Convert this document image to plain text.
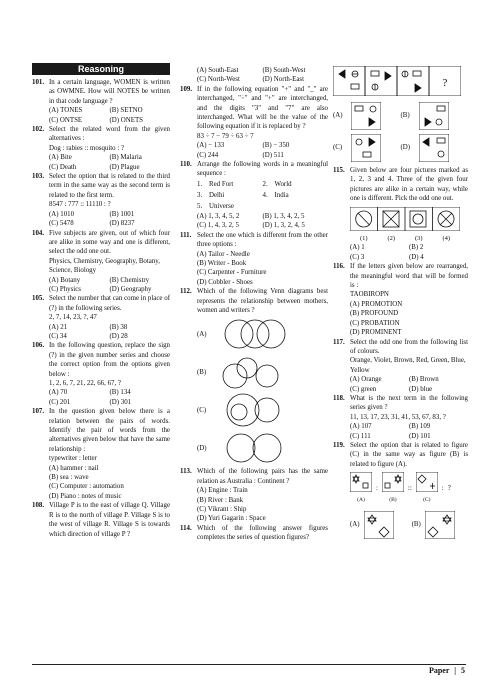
Reasoning
101. In a certain language, WOMEN is written as OWMNE. How will NOTES be written in that code language ?
(A) TONES	(B) SETNO
(C) ONTSE	(D) ONETS
102. Select the related word from the given alternatives :
Dog : rabies :: mosquito : ?
(A) Bite	(B) Malaria
(C) Death	(D) Plague
103. Select the option that is related to the third term in the same way as the second term is related to the first term.
8547 : 777 :: 11110 : ?
(A) 1010	(B) 1001
(C) 5478	(D) 8237
104. Five subjects are given, out of which four are alike in some way and one is different, select the odd one out.
Physics, Chemistry, Geography, Botany, Science, Biology
(A) Botany	(B) Chemistry
(C) Physics	(D) Geography
105. Select the number that can come in place of (?) in the following series.
2, 7, 14, 23, ?, 47
(A) 21	(B) 38
(C) 34	(D) 28
106. In the following question, replace the sign (?) in the given number series and choose the correct option from the options given below :
1, 2, 6, 7, 21, 22, 66, 67, ?
(A) 70	(B) 134
(C) 201	(D) 301
107. In the question given below there is a relation between the pairs of words. Identify the pair of words from the alternatives given below that have the same relationship :
typewriter : letter
(A) hammer : nail
(B) sea : wave
(C) Computer : automation
(D) Piano : notes of music
108. Village P is to the east of village Q. Village R is to the north of village P. Village S is to the west of village R. Village S is towards which direction of village P ?
(A) South-East	(B) South-West
(C) North-West	(D) North-East
109. If in the following equation "+" and "_" are interchanged, "÷" and "+" are interchanged, and the digits "3" and "7" are also interchanged. What will be the value of the following equation if it is replaced by ?
83 ÷ 7 − 79 ÷ 63 ÷ 7
(A) − 133	(B) − 350
(C) 244	(D) 511
110. Arrange the following words in a meaningful sequence :
1. Red Fort	2. World
3. Delhi	4. India
5. Universe
(A) 1, 3, 4, 5, 2	(B) 1, 3, 4, 2, 5
(C) 1, 4, 3, 2, 5	(D) 1, 3, 2, 4, 5
111. Select the one which is different from the other three options :
(A) Tailor - Needle
(B) Writer - Book
(C) Carpenter - Furniture
(D) Cobbler - Shoes
112. Which of the following Venn diagrams best represents the relationship between mothers, women and writers ?
(A)
(B)
(C)
(D)
113. Which of the following pairs has the same relation as Australia : Continent ?
(A) Engine : Train
(B) River : Bank
(C) Vikrant : Ship
(D) Yuri Gagarin : Space
114. Which of the following answer figures completes the series of question figures?
?
(A)	(B)
(C)	(D)
115. Given below are four pictures marked as 1, 2, 3 and 4. Three of the given four pictures are alike in a certain way, while one is different. Pick the odd one out.
(1)	(2)	(3)	(4)
(A) 1	(B) 2
(C) 3	(D) 4
116. If the letters given below are rearranged, the meaningful word that will be formed is :
TAOBIROPN
(A) PROMOTION
(B) PROFOUND
(C) PROBATION
(D) PROMINENT
117. Select the odd one from the following list of colours.
Orange, Violet, Brown, Red, Green, Blue, Yellow
(A) Orange	(B) Brown
(C) green	(D) blue
118. What is the next term in the following series given ?
11, 13, 17, 23, 31, 41, 53, 67, 83, ?
(A) 107	(B) 109
(C) 111	(D) 101
119. Select the option that is related to figure (C) in the same way as figure (B) is related to figure (A).
(A)
:
(B)
::
(C)
: ?
(A)	(B)
Paper | 5
